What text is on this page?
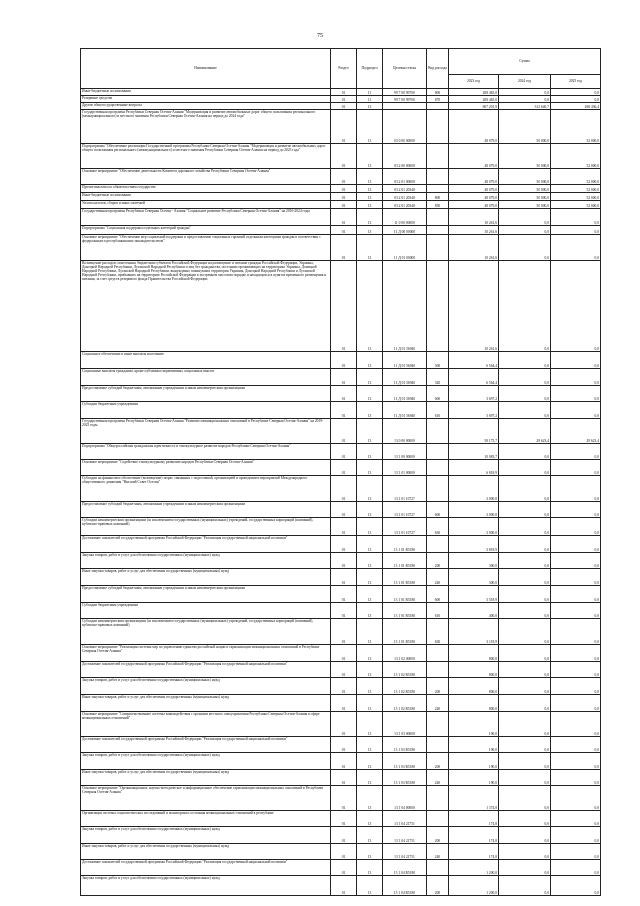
75
Наименование	Раздел	Подраздел	Целевая статья	Вид расхода	Сумма		
					2023 год	2024 год	2025 год
Иные бюджетные ассигнования	01	11	99 7 00 99700	800	208 465,0	0,0	0,0
Резервные средства	01	11	99 7 00 99700	870	208 465,0	0,0	0,0
Другие общегосударственные вопросы	01	13			607 201,9	312 640,7	268 436,4
Государственная программа Республики Северная Осетия-Алания "Модернизация и развитие автомобильных дорог общего пользования регионального (межмуниципального) и местного значения Республики Северная Осетия-Алания на период до 2024 года"	01	13	03 0 00 00000		48 079,0	50 000,0	52 000,0
Подпрограмма "Обеспечение реализации Государственной программы Республики Северная Осетия-Алания "Модернизация и развитие автомобильных дорог общего пользования регионального (межмуниципального) и местного значения Республики Северная Осетия-Алания на период до 2023 года"	01	13	03 2 00 00000		48 079,0	50 000,0	52 000,0
Основное мероприятие "Обеспечение деятельности Комитета дорожного хозяйства Республики Северная Осетия-Алания"	01	13	03 2 01 00000		48 079,0	50 000,0	52 000,0
Прочие выплаты по обязательствам государства	01	13	03 2 01 20340		48 079,0	50 000,0	52 000,0
Иные бюджетные ассигнования	01	13	03 2 01 20340	800	48 079,0	50 000,0	52 000,0
Уплата налогов, сборов и иных платежей	01	13	03 2 01 20340	850	48 079,0	50 000,0	52 000,0
Государственная программа Республики Северная Осетия - Алания "Социальное развитие Республики Северная Осетия-Алания" на 2016-2024 годы	01	13	11 0 00 00000		10 261,6	0,0	0,0
Подпрограмма "Социальная поддержка отдельных категорий граждан"	01	13	11 Д 00 00000		10 261,6	0,0	0,0
Основное мероприятие "Обеспечение мер социальной поддержки и предоставление социальных гарантий отдельным категориям граждан в соответствии с федеральным и республиканским законодательством"	01	13	11 Д 01 00000		10 261,6	0,0	0,0
Возмещение расходов, понесенных бюджетами субъектов Российской Федерации на размещение и питание граждан Российской Федерации, Украины, Донецкой Народной Республики, Луганской Народной Республики и лиц без гражданства, постоянно проживающих на территориях Украины, Донецкой Народной Республики, Луганской Народной Республики, вынужденно покинувших территории Украины, Донецкой Народной Республики и Луганской Народной Республики, прибывших на территорию Российской Федерации в экстренном массовом порядке и находящихся в пунктах временного размещения и питания, за счет средств резервного фонда Правительства Российской Федерации	01	13	11 Д 01 56940		10 261,6	0,0	0,0
Социальное обеспечение и иные выплаты населению	01	13	11 Д 01 56940	300	6 564,4	0,0	0,0
Социальные выплаты гражданам, кроме публичных нормативных социальных выплат	01	13	11 Д 01 56940	320	6 564,4	0,0	0,0
Предоставление субсидий бюджетным, автономным учреждениям и иным некоммерческим организациям	01	13	11 Д 01 56940	600	3 697,2	0,0	0,0
Субсидии бюджетным учреждениям	01	13	11 Д 01 56940	610	3 697,2	0,0	0,0
Государственная программа Республики Северная Осетия-Алания "Развитие межнациональных отношений в Республике Северная Осетия-Алания" на 2019-2025 годы	01	13	13 0 00 00000		58 175,7	29 623,4	29 623,4
Подпрограмма "Общероссийская гражданская идентичность и этнокультурное развитие народов Республики Северная Осетия-Алания"	01	13	13 1 00 00000		10 083,7	0,0	0,0
Основное мероприятие "Содействие этнокультурному развитию народов Республики Северная Осетия-Алания"	01	13	13 1 01 00000		6 818,9	0,0	0,0
Субсидии на финансовое обеспечение (возмещение) затрат, связанных с подготовкой, организацией и проведением мероприятий Международного общественного движения "Высший Совет Осетин"	01	13	13 1 01 10727		3 000,0	0,0	0,0
Предоставление субсидий бюджетным, автономным учреждениям и иным некоммерческим организациям	01	13	13 1 01 10727	600	3 000,0	0,0	0,0
Субсидии некоммерческим организациям (за исключением государственных (муниципальных) учреждений, государственных корпораций (компаний), публично-правовых компаний)	01	13	13 1 01 10727	630	3 000,0	0,0	0,0
Достижение показателей государственной программы Российской Федерации "Реализация государственной национальной политики"	01	13	13 1 01 R5180		3 818,9	0,0	0,0
Закупка товаров, работ и услуг для обеспечения государственных (муниципальных) нужд	01	13	13 1 01 R5180	200	300,0	0,0	0,0
Иные закупки товаров, работ и услуг для обеспечения государственных (муниципальных) нужд	01	13	13 1 01 R5180	240	300,0	0,0	0,0
Предоставление субсидий бюджетным, автономным учреждениям и иным некоммерческим организациям	01	13	13 1 01 R5180	600	3 518,9	0,0	0,0
Субсидии бюджетным учреждениям	01	13	13 1 01 R5180	610	400,0	0,0	0,0
Субсидии некоммерческим организациям (за исключением государственных (муниципальных) учреждений, государственных корпораций (компаний), публично-правовых компаний)	01	13	13 1 01 R5180	630	3 118,9	0,0	0,0
Основное мероприятие "Реализация системы мер по укреплению единства российской нации и гармонизации межнациональных отношений в Республике Северная Осетия-Алания"	01	13	13 1 02 00000		800,0	0,0	0,0
Достижение показателей государственной программы Российской Федерации "Реализация государственной национальной политики"	01	13	13 1 02 R5180		800,0	0,0	0,0
Закупка товаров, работ и услуг для обеспечения государственных (муниципальных) нужд	01	13	13 1 02 R5180	200	800,0	0,0	0,0
Иные закупки товаров, работ и услуг для обеспечения государственных (муниципальных) нужд	01	13	13 1 02 R5180	240	800,0	0,0	0,0
Основное мероприятие "Совершенствование системы взаимодействия с органами местного самоуправления Республики Северная Осетия-Алания в сфере межнациональных отношений"	01	13	13 1 03 00000		190,0	0,0	0,0
Достижение показателей государственной программы Российской Федерации "Реализация государственной национальной политики"	01	13	13 1 03 R5180		190,0	0,0	0,0
Закупка товаров, работ и услуг для обеспечения государственных (муниципальных) нужд	01	13	13 1 03 R5180	200	190,0	0,0	0,0
Иные закупки товаров, работ и услуг для обеспечения государственных (муниципальных) нужд	01	13	13 1 03 R5180	240	190,0	0,0	0,0
Основное мероприятие "Организационное, научно-методическое и информационное обеспечение гармонизации межнациональных отношений в Республике Северная Осетия-Алания"	01	13	13 1 04 00000		1 374,8	0,0	0,0
Организация системы социологических исследований и мониторинга состояния межнациональных отношений в республике	01	13	13 1 04 21751		174,8	0,0	0,0
Закупка товаров, работ и услуг для обеспечения государственных (муниципальных) нужд	01	13	13 1 04 21751	200	174,8	0,0	0,0
Иные закупки товаров, работ и услуг для обеспечения государственных (муниципальных) нужд	01	13	13 1 04 21751	240	174,8	0,0	0,0
Достижение показателей государственной программы Российской Федерации "Реализация государственной национальной политики"	01	13	13 1 04 R5180		1 200,0	0,0	0,0
Закупка товаров, работ и услуг для обеспечения государственных (муниципальных) нужд	01	13	13 1 04 R5180	200	1 200,0	0,0	0,0
